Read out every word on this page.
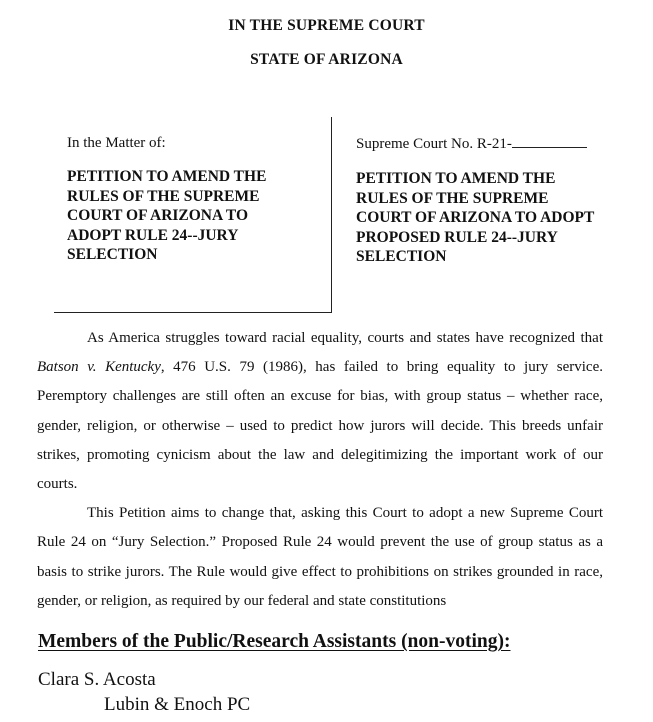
IN THE SUPREME COURT
STATE OF ARIZONA
In the Matter of:
PETITION TO AMEND THE
RULES OF THE SUPREME
COURT OF ARIZONA TO
ADOPT RULE 24--JURY
SELECTION
Supreme Court No. R-21-
PETITION TO AMEND THE
RULES OF THE SUPREME
COURT OF ARIZONA TO ADOPT
PROPOSED RULE 24--JURY
SELECTION

As America struggles toward racial equality, courts and states have recognized that Batson v. Kentucky, 476 U.S. 79 (1986), has failed to bring equality to jury service. Peremptory challenges are still often an excuse for bias, with group status – whether race, gender, religion, or otherwise – used to predict how jurors will decide. This breeds unfair strikes, promoting cynicism about the law and delegitimizing the important work of our courts.

This Petition aims to change that, asking this Court to adopt a new Supreme Court Rule 24 on “Jury Selection.” Proposed Rule 24 would prevent the use of group status as a basis to strike jurors. The Rule would give effect to prohibitions on strikes grounded in race, gender, or religion, as required by our federal and state constitutions

Members of the Public/Research Assistants (non-voting):
Clara S. Acosta
Lubin & Enoch PC
